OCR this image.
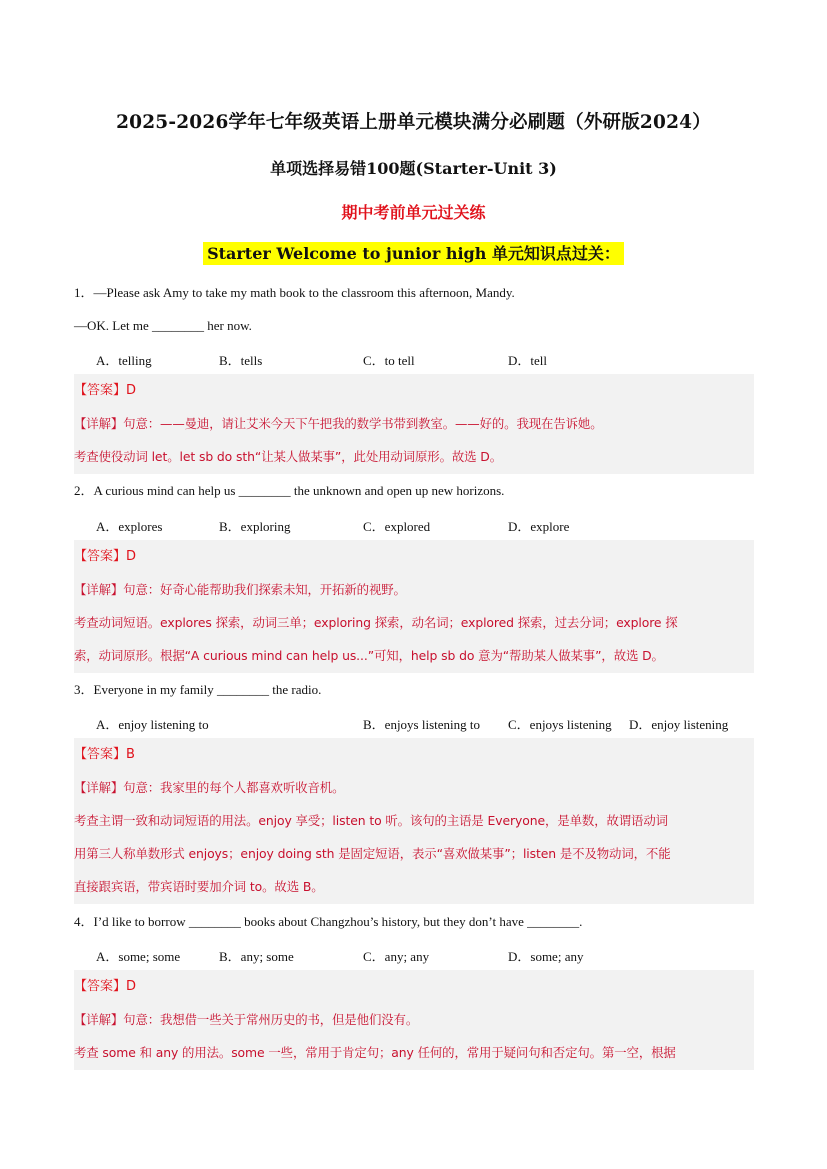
2025-2026学年七年级英语上册单元模块满分必刷题（外研版2024）
单项选择易错100题(Starter-Unit 3)
期中考前单元过关练
Starter Welcome to junior high 单元知识点过关：
1．—Please ask Amy to take my math book to the classroom this afternoon, Mandy.
—OK. Let me ________ her now.
A．telling	B．tells	C．to tell	D．tell
【答案】D
【详解】句意：——曼迪，请让艾米今天下午把我的数学书带到教室。——好的。我现在告诉她。
考查使役动词 let。let sb do sth“让某人做某事”，此处用动词原形。故选 D。
2．A curious mind can help us ________ the unknown and open up new horizons.
A．explores	B．exploring	C．explored	D．explore
【答案】D
【详解】句意：好奇心能帮助我们探索未知，开拓新的视野。
考查动词短语。explores 探索，动词三单；exploring 探索，动名词；explored 探索，过去分词；explore 探
索，动词原形。根据“A curious mind can help us...”可知，help sb do 意为“帮助某人做某事”，故选 D。
3．Everyone in my family ________ the radio.
A．enjoy listening to	B．enjoys listening to C．enjoys listening D．enjoy listening
【答案】B
【详解】句意：我家里的每个人都喜欢听收音机。
考查主谓一致和动词短语的用法。enjoy 享受；listen to 听。该句的主语是 Everyone，是单数，故谓语动词
用第三人称单数形式 enjoys；enjoy doing sth 是固定短语，表示“喜欢做某事”；listen 是不及物动词，不能
直接跟宾语，带宾语时要加介词 to。故选 B。
4．I’d like to borrow ________ books about Changzhou’s history, but they don’t have ________.
A．some; some	B．any; some	C．any; any	D．some; any
【答案】D
【详解】句意：我想借一些关于常州历史的书，但是他们没有。
考查 some 和 any 的用法。some 一些，常用于肯定句；any 任何的，常用于疑问句和否定句。第一空，根据
